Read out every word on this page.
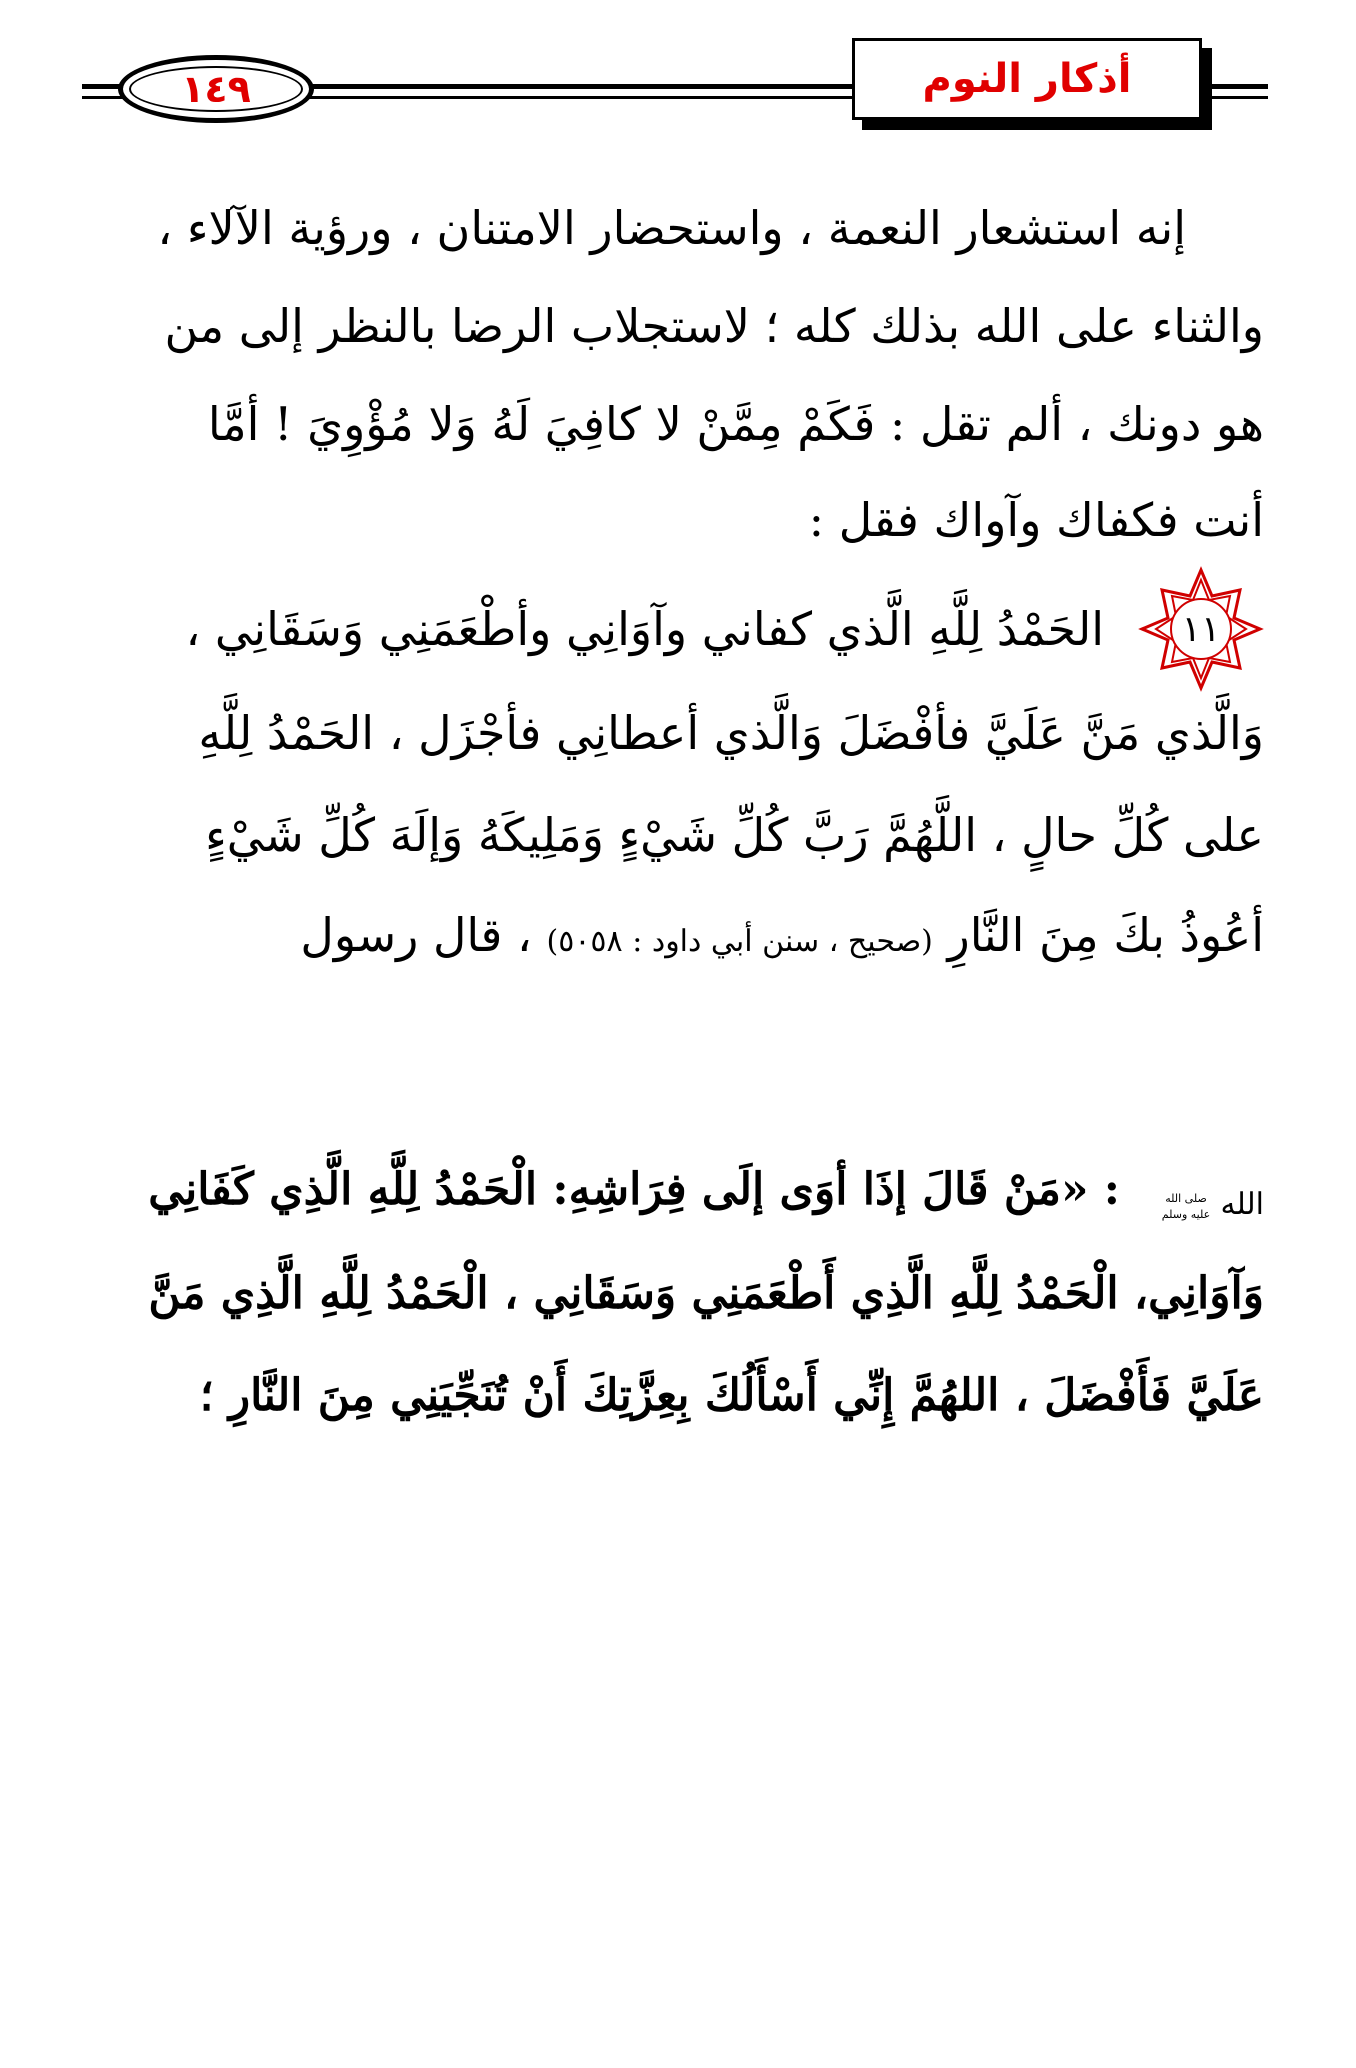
١٤٩	أذكار النوم
إنه استشعار النعمة ، واستحضار الامتنان ، ورؤية الآلاء ،
والثناء على الله بذلك كله ؛ لاستجلاب الرضا بالنظر إلى من
هو دونك ، ألم تقل : فَكَمْ مِمَّنْ لا كافِيَ لَهُ وَلا مُؤْوِيَ ! أمَّا
أنت فكفاك وآواك فقل :
١١
الحَمْدُ لِلَّهِ الَّذي كفاني وآوَانِي وأطْعَمَنِي وَسَقَانِي ،
وَالَّذي مَنَّ عَلَيَّ فأفْضَلَ وَالَّذي أعطانِي فأجْزَل ، الحَمْدُ لِلَّهِ
على كُلِّ حالٍ ، اللَّهُمَّ رَبَّ كُلِّ شَيْءٍ وَمَلِيكَهُ وَإلَهَ كُلِّ شَيْءٍ
أعُوذُ بكَ مِنَ النَّارِ (صحيح ، سنن أبي داود : ٥٠٥٨) ، قال رسول
الله
صلى الله
عليه وسلم
: «مَنْ قَالَ إذَا أوَى إلَى فِرَاشِهِ: الْحَمْدُ لِلَّهِ الَّذِي كَفَانِي
وَآوَانِي، الْحَمْدُ لِلَّهِ الَّذِي أَطْعَمَنِي وَسَقَانِي ، الْحَمْدُ لِلَّهِ الَّذِي مَنَّ
عَلَيَّ فَأَفْضَلَ ، اللهُمَّ إِنِّي أَسْأَلُكَ بِعِزَّتِكَ أَنْ تُنَجِّيَنِي مِنَ النَّارِ ؛
